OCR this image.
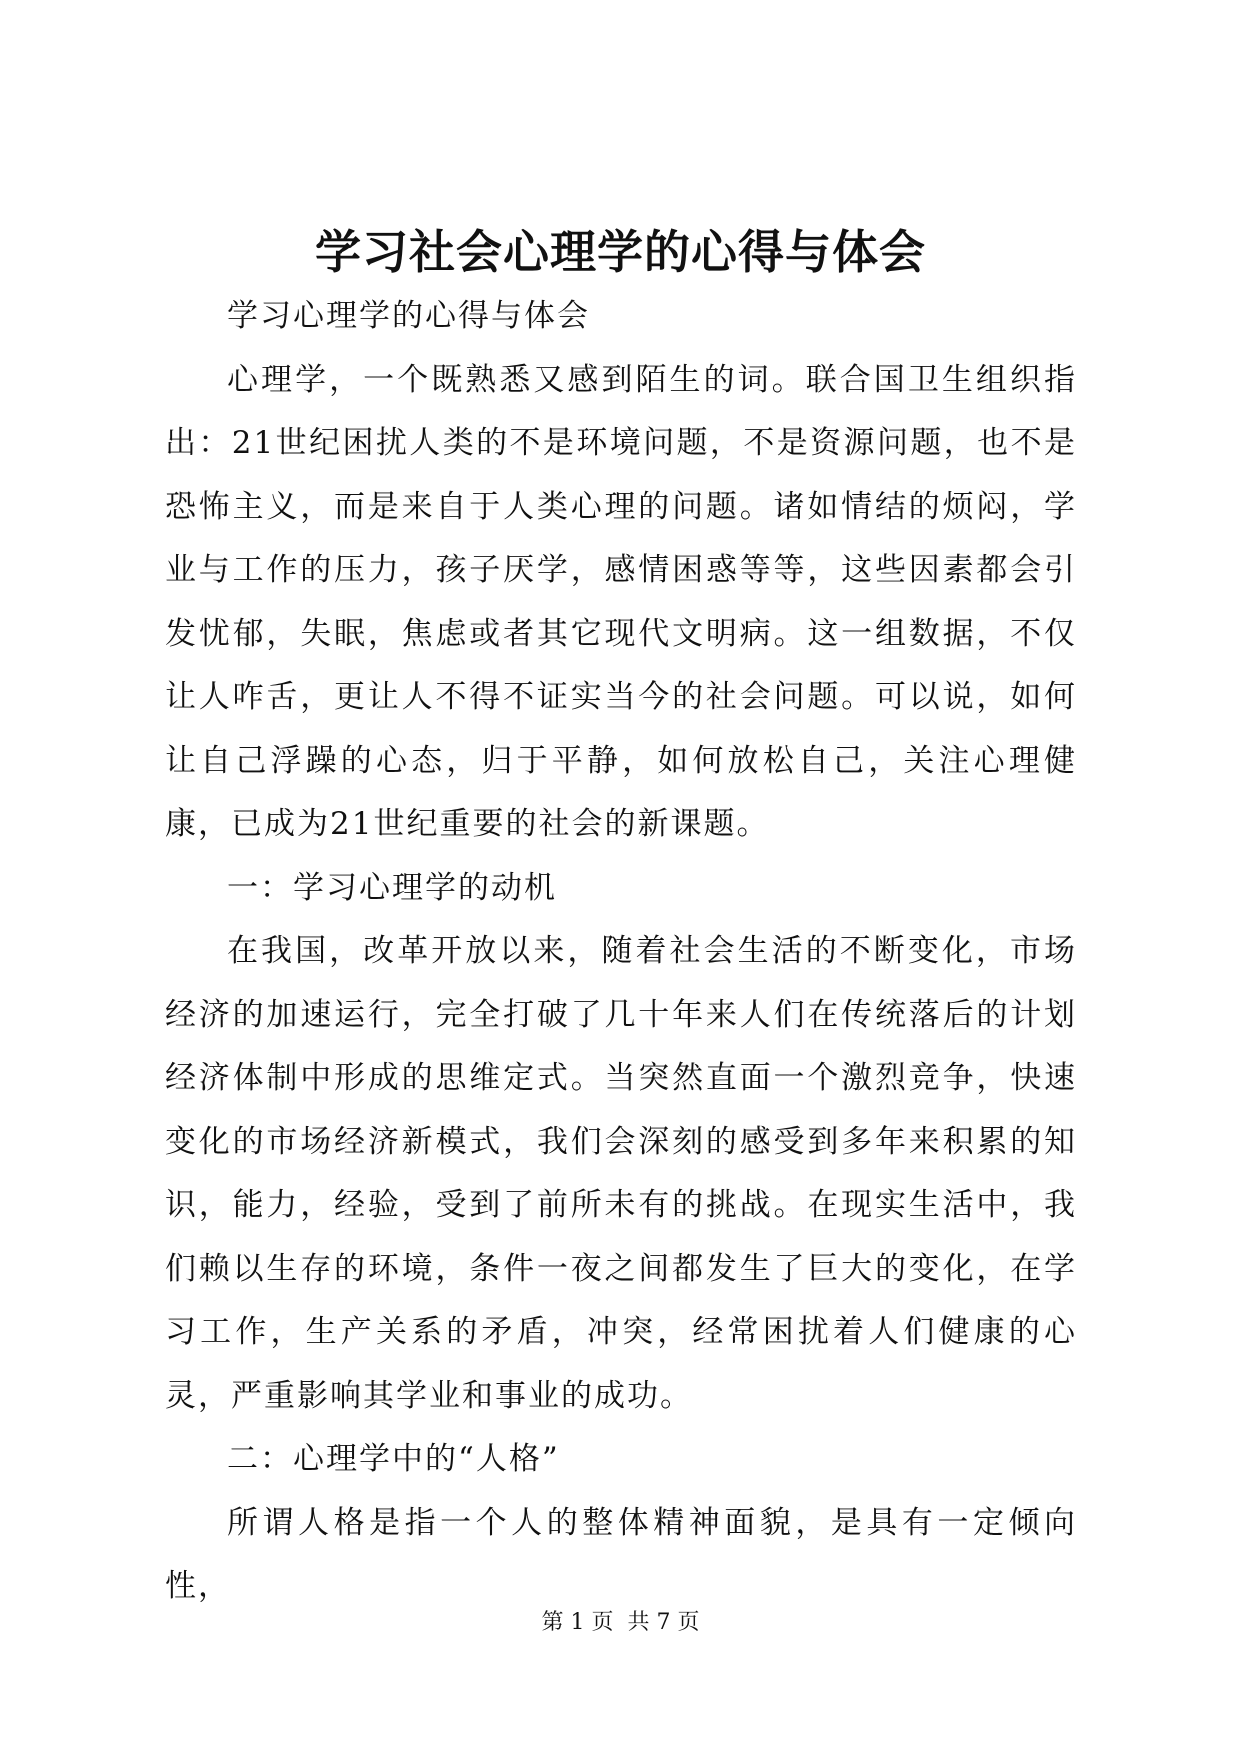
学习社会心理学的心得与体会

学习心理学的心得与体会

心理学，一个既熟悉又感到陌生的词。联合国卫生组织指出：21世纪困扰人类的不是环境问题，不是资源问题，也不是恐怖主义，而是来自于人类心理的问题。诸如情结的烦闷，学业与工作的压力，孩子厌学，感情困惑等等，这些因素都会引发忧郁，失眠，焦虑或者其它现代文明病。这一组数据，不仅让人咋舌，更让人不得不证实当今的社会问题。可以说，如何让自己浮躁的心态，归于平静，如何放松自己，关注心理健康，已成为21世纪重要的社会的新课题。

一：学习心理学的动机

在我国，改革开放以来，随着社会生活的不断变化，市场经济的加速运行，完全打破了几十年来人们在传统落后的计划经济体制中形成的思维定式。当突然直面一个激烈竞争，快速变化的市场经济新模式，我们会深刻的感受到多年来积累的知识，能力，经验，受到了前所未有的挑战。在现实生活中，我们赖以生存的环境，条件一夜之间都发生了巨大的变化，在学习工作，生产关系的矛盾，冲突，经常困扰着人们健康的心灵，严重影响其学业和事业的成功。

二：心理学中的“人格”

所谓人格是指一个人的整体精神面貌，是具有一定倾向性，

第 1 页  共 7 页
